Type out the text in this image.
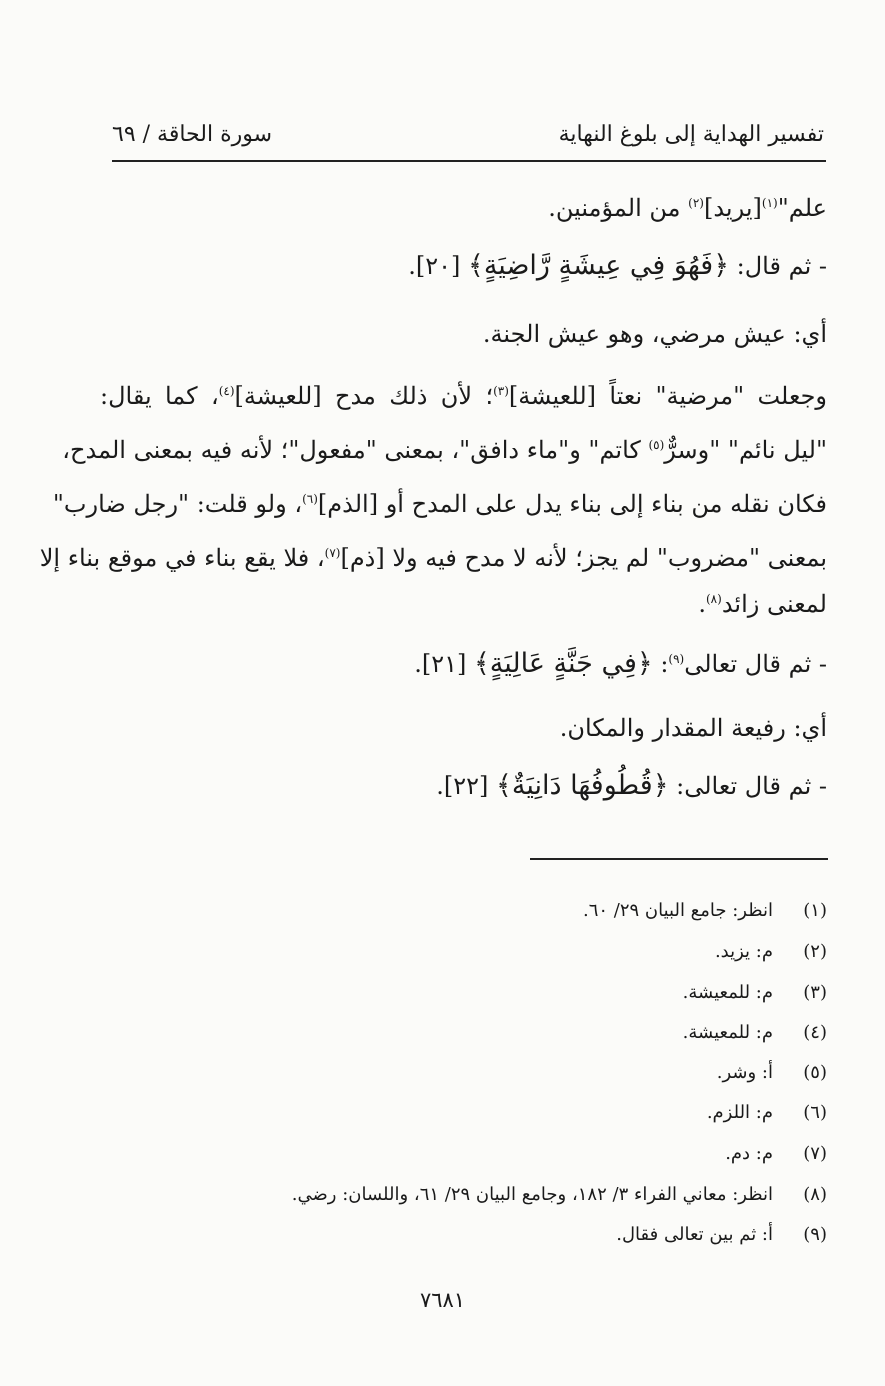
تفسير الهداية إلى بلوغ النهاية
سورة الحاقة / ٦٩
علم"$^{(١)}$[يريد]$^{(٢)}$ من المؤمنين.
- ثم قال: ﴿فَهُوَ فِي عِيشَةٍ رَّاضِيَةٍ﴾ [٢٠].
أي: عيش مرضي، وهو عيش الجنة.
وجعلت "مرضية" نعتاً [للعيشة]$^{(٣)}$؛ لأن ذلك مدح [للعيشة]$^{(٤)}$، كما يقال:
"ليل نائم" "وسرٌّ$^{(٥)}$ كاتم" و"ماء دافق"، بمعنى "مفعول"؛ لأنه فيه بمعنى المدح،
فكان نقله من بناء إلى بناء يدل على المدح أو [الذم]$^{(٦)}$، ولو قلت: "رجل ضارب"
بمعنى "مضروب" لم يجز؛ لأنه لا مدح فيه ولا [ذم]$^{(٧)}$، فلا يقع بناء في موقع بناء إلا
لمعنى زائد$^{(٨)}$.
- ثم قال تعالى$^{(٩)}$: ﴿فِي جَنَّةٍ عَالِيَةٍ﴾ [٢١].
أي: رفيعة المقدار والمكان.
- ثم قال تعالى: ﴿قُطُوفُهَا دَانِيَةٌ﴾ [٢٢].
(١)انظر: جامع البيان ٢٩/ ٦٠.
(٢)م: يزيد.
(٣)م: للمعيشة.
(٤)م: للمعيشة.
(٥)أ: وشر.
(٦)م: اللزم.
(٧)م: دم.
(٨)انظر: معاني الفراء ٣/ ١٨٢، وجامع البيان ٢٩/ ٦١، واللسان: رضي.
(٩)أ: ثم بين تعالى فقال.
٧٦٨١
